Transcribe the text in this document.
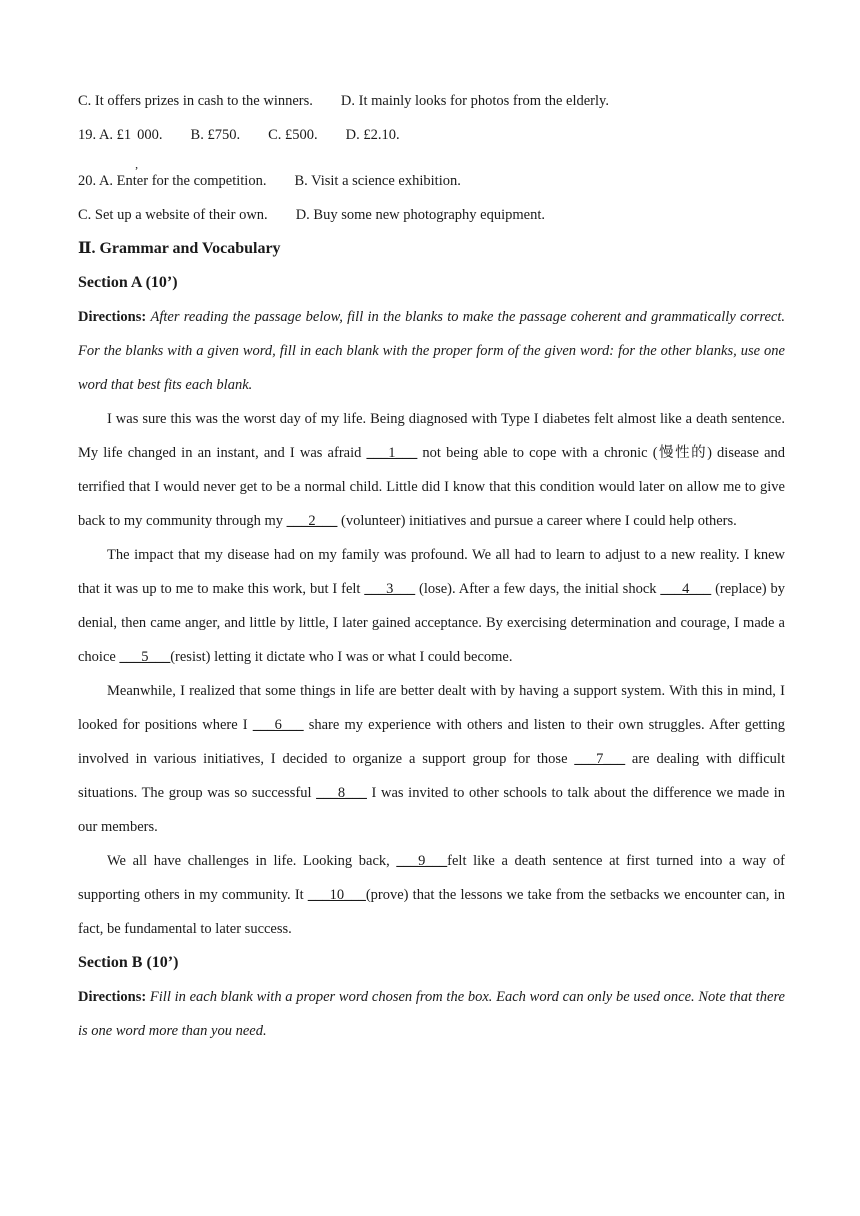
C. It offers prizes in cash to the winners. D. It mainly looks for photos from the elderly.
19. A. £1
,
000. B. £750. C. £500. D. £2.10.
20. A. Enter for the competition. B. Visit a science exhibition.
C. Set up a website of their own. D. Buy some new photography equipment.
Ⅱ. Grammar and Vocabulary
Section A (10’)
Directions: After reading the passage below, fill in the blanks to make the passage coherent and grammatically correct. For the blanks with a given word, fill in each blank with the proper form of the given word: for the other blanks, use one word that best fits each blank.
I was sure this was the worst day of my life. Being diagnosed with Type I diabetes felt almost like a death sentence. My life changed in an instant, and I was afraid ___1___ not being able to cope with a chronic (慢性的) disease and terrified that I would never get to be a normal child. Little did I know that this condition would later on allow me to give back to my community through my ___2___ (volunteer) initiatives and pursue a career where I could help others.
The impact that my disease had on my family was profound. We all had to learn to adjust to a new reality. I knew that it was up to me to make this work, but I felt ___3___ (lose). After a few days, the initial shock ___4___ (replace) by denial, then came anger, and little by little, I later gained acceptance. By exercising determination and courage, I made a choice ___5___(resist) letting it dictate who I was or what I could become.
Meanwhile, I realized that some things in life are better dealt with by having a support system. With this in mind, I looked for positions where I ___6___ share my experience with others and listen to their own struggles. After getting involved in various initiatives, I decided to organize a support group for those ___7___ are dealing with difficult situations. The group was so successful ___8___ I was invited to other schools to talk about the difference we made in our members.
We all have challenges in life. Looking back, ___9___felt like a death sentence at first turned into a way of supporting others in my community. It ___10___(prove) that the lessons we take from the setbacks we encounter can, in fact, be fundamental to later success.
Section B (10’)
Directions: Fill in each blank with a proper word chosen from the box. Each word can only be used once. Note that there is one word more than you need.
